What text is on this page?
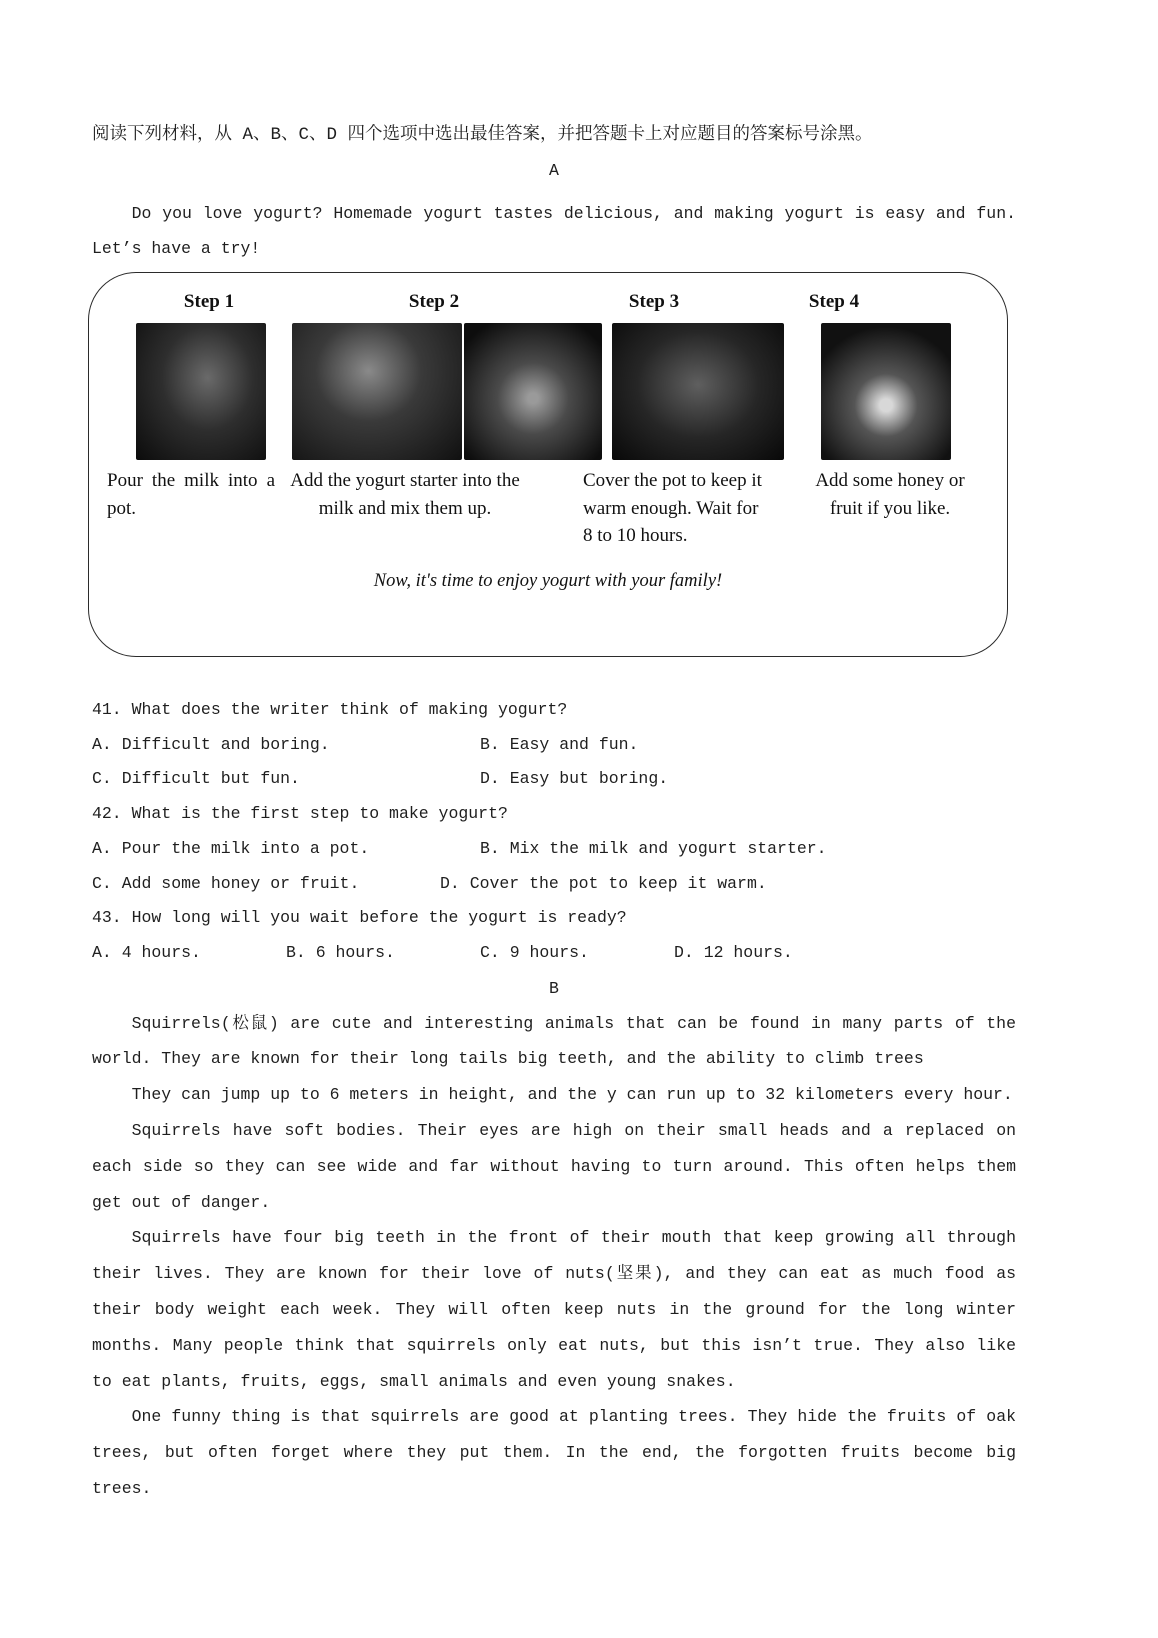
阅读下列材料，从 A、B、C、D 四个选项中选出最佳答案，并把答题卡上对应题目的答案标号涂黑。
A
Do you love yogurt? Homemade yogurt tastes delicious, and making yogurt is easy and fun.
Let’s have a try!
Step 1	Step 2	Step 3	Step 4
Pour the milk into a pot.
Add the yogurt starter into the milk and mix them up.
Cover the pot to keep it warm enough. Wait for 8 to 10 hours.
Add some honey or fruit if you like.
Now, it's time to enjoy yogurt with your family!
41. What does the writer think of making yogurt?
A. Difficult and boring.	B. Easy and fun.
C. Difficult but fun.	D. Easy but boring.
42. What is the first step to make yogurt?
A. Pour the milk into a pot.	B. Mix the milk and yogurt starter.
C. Add some honey or fruit.	D. Cover the pot to keep it warm.
43. How long will you wait before the yogurt is ready?
A. 4 hours.	B. 6 hours.	C. 9 hours.	D. 12 hours.
B

Squirrels(松鼠) are cute and interesting animals that can be found in many parts of the world. They are known for their long tails big teeth, and the ability to climb trees

They can jump up to 6 meters in height, and the y can run up to 32 kilometers every hour.

Squirrels have soft bodies. Their eyes are high on their small heads and a replaced on each side so they can see wide and far without having to turn around. This often helps them get out of danger.

Squirrels have four big teeth in the front of their mouth that keep growing all through their lives. They are known for their love of nuts(坚果), and they can eat as much food as their body weight each week. They will often keep nuts in the ground for the long winter months. Many people think that squirrels only eat nuts, but this isn’t true. They also like to eat plants, fruits, eggs, small animals and even young snakes.

One funny thing is that squirrels are good at planting trees. They hide the fruits of oak trees, but often forget where they put them. In the end, the forgotten fruits become big trees.
